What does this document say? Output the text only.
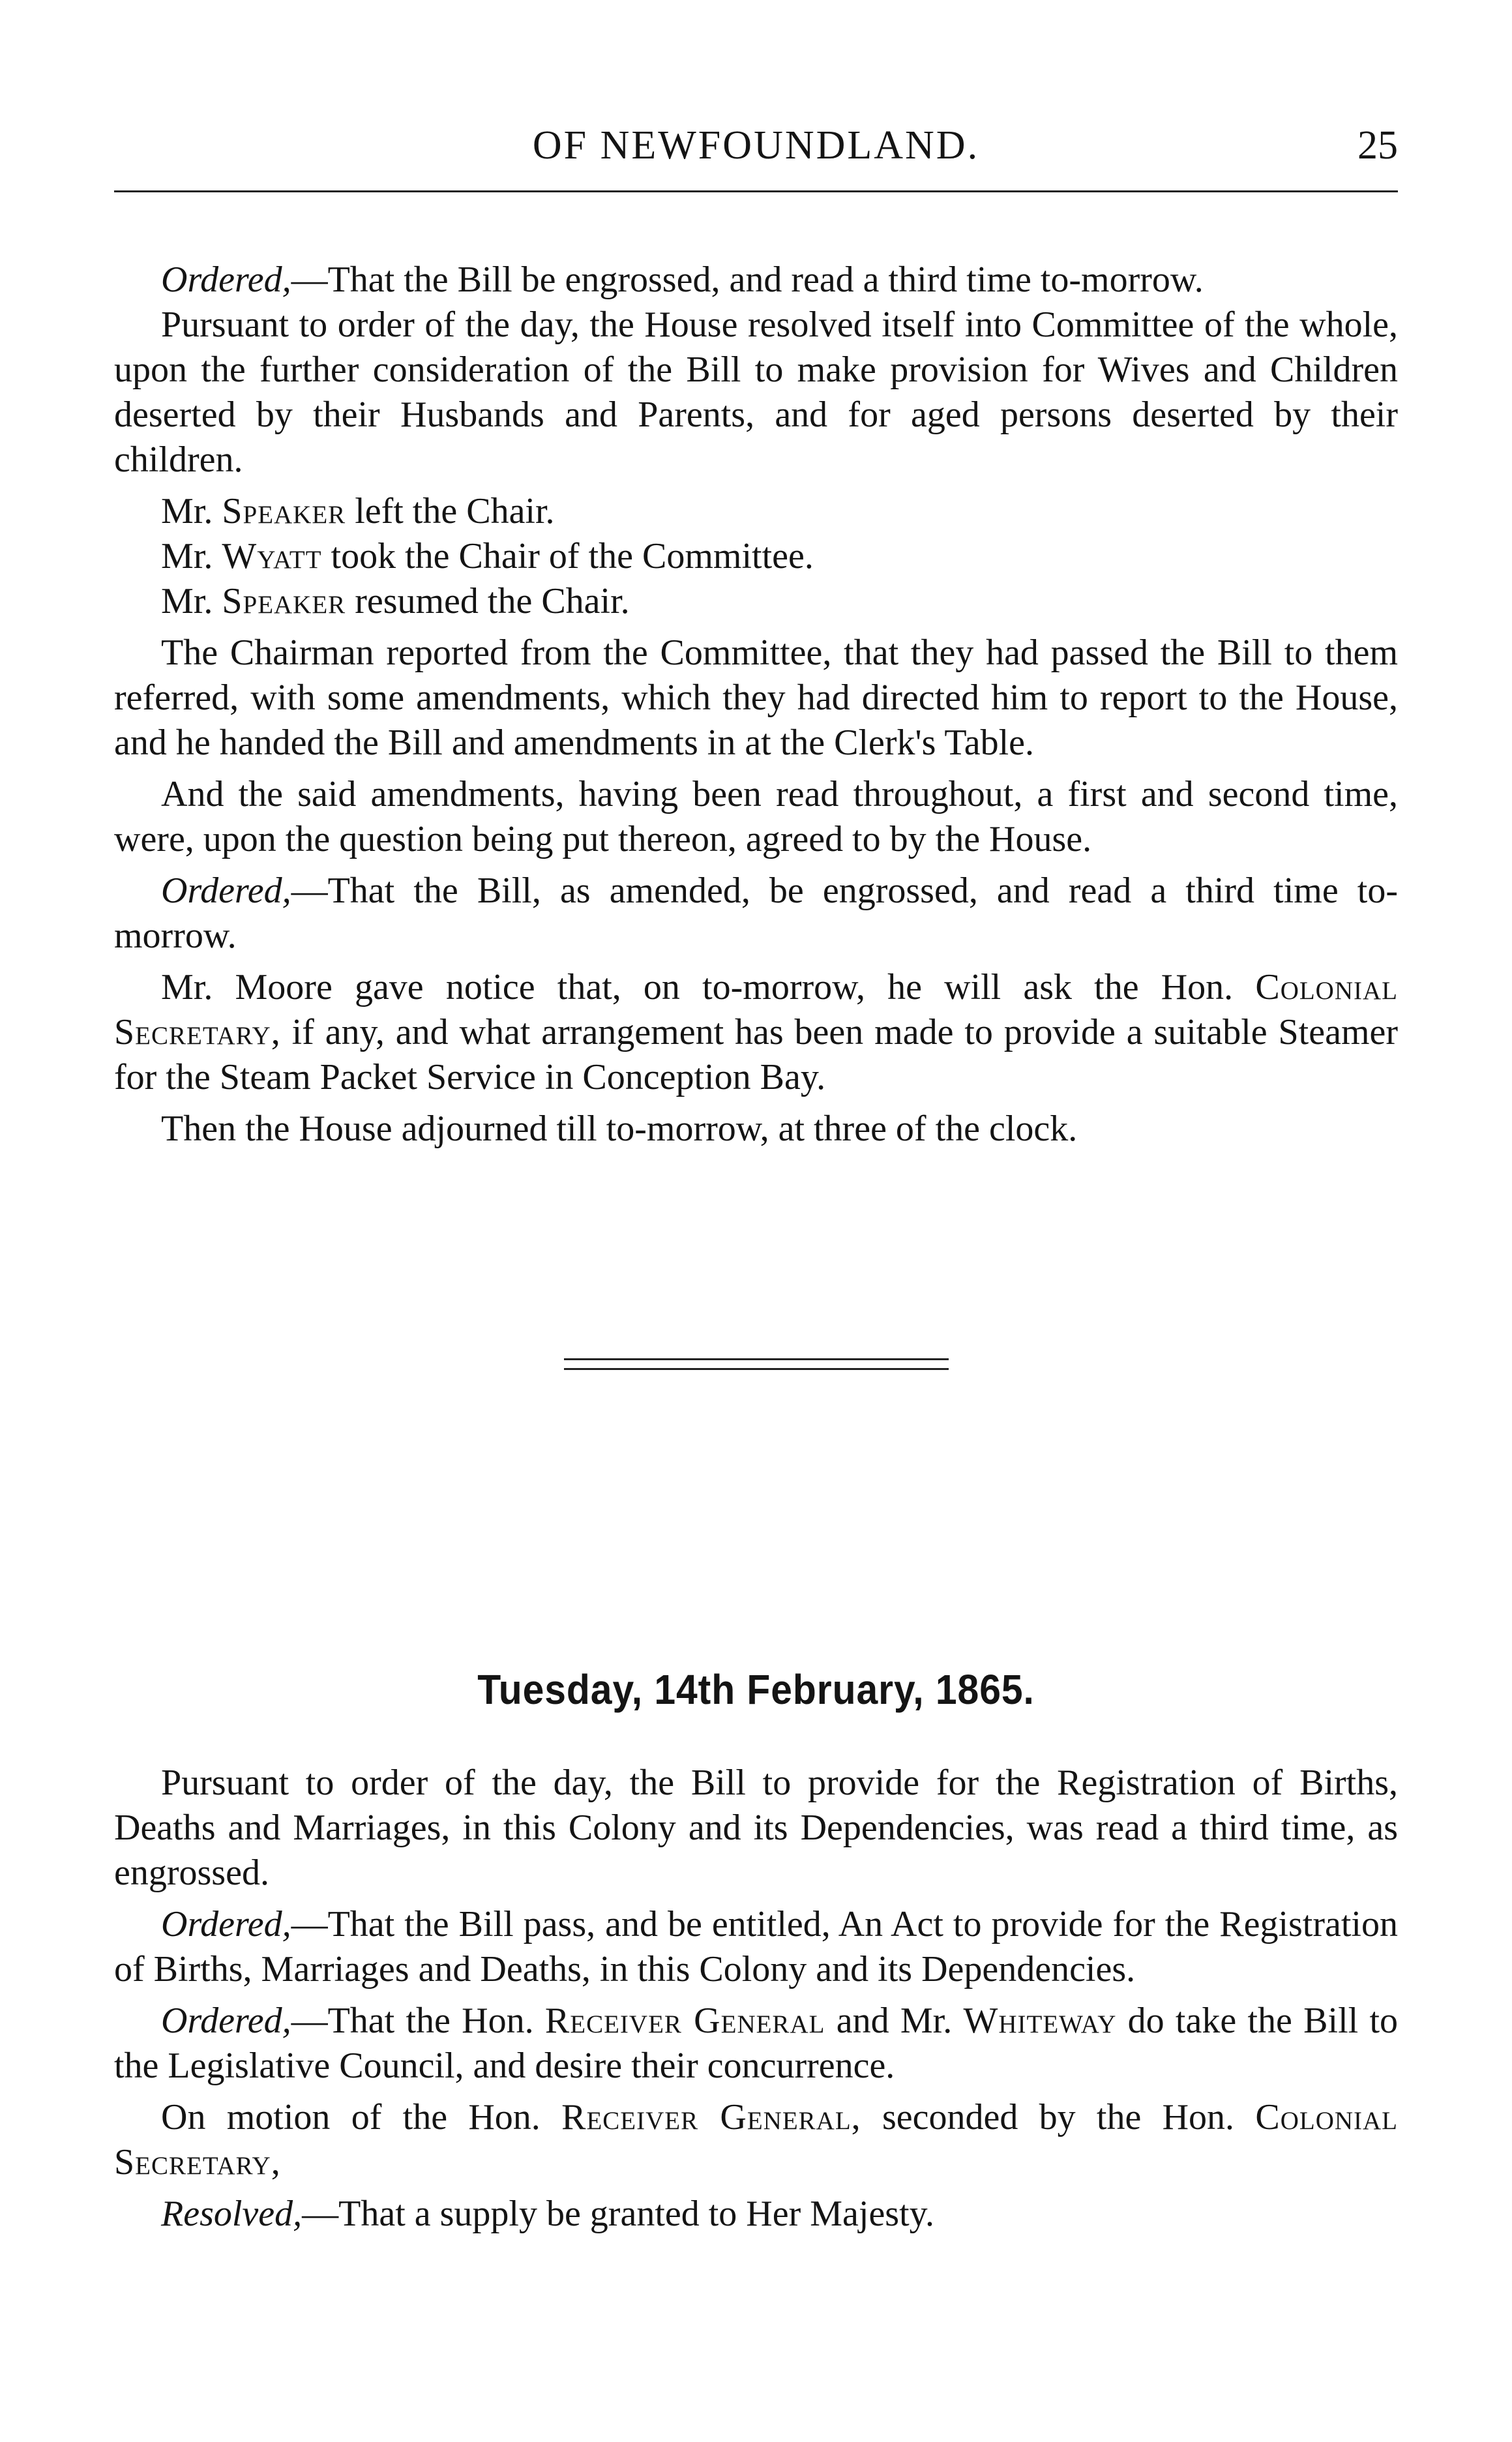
OF NEWFOUNDLAND.	25

Ordered,—That the Bill be engrossed, and read a third time to-morrow.

Pursuant to order of the day, the House resolved itself into Committee of the whole, upon the further consideration of the Bill to make provision for Wives and Children deserted by their Husbands and Parents, and for aged persons deserted by their children.

Mr. Speaker left the Chair.

Mr. Wyatt took the Chair of the Committee.

Mr. Speaker resumed the Chair.

The Chairman reported from the Committee, that they had passed the Bill to them referred, with some amendments, which they had directed him to report to the House, and he handed the Bill and amendments in at the Clerk's Table.

And the said amendments, having been read throughout, a first and second time, were, upon the question being put thereon, agreed to by the House.

Ordered,—That the Bill, as amended, be engrossed, and read a third time to-morrow.

Mr. Moore gave notice that, on to-morrow, he will ask the Hon. Colonial Secretary, if any, and what arrangement has been made to provide a suitable Steamer for the Steam Packet Service in Conception Bay.

Then the House adjourned till to-morrow, at three of the clock.

Tuesday, 14th February, 1865.

Pursuant to order of the day, the Bill to provide for the Registration of Births, Deaths and Marriages, in this Colony and its Dependencies, was read a third time, as engrossed.

Ordered,—That the Bill pass, and be entitled, An Act to provide for the Registration of Births, Marriages and Deaths, in this Colony and its Dependencies.

Ordered,—That the Hon. Receiver General and Mr. Whiteway do take the Bill to the Legislative Council, and desire their concurrence.

On motion of the Hon. Receiver General, seconded by the Hon. Colonial Secretary,

Resolved,—That a supply be granted to Her Majesty.
